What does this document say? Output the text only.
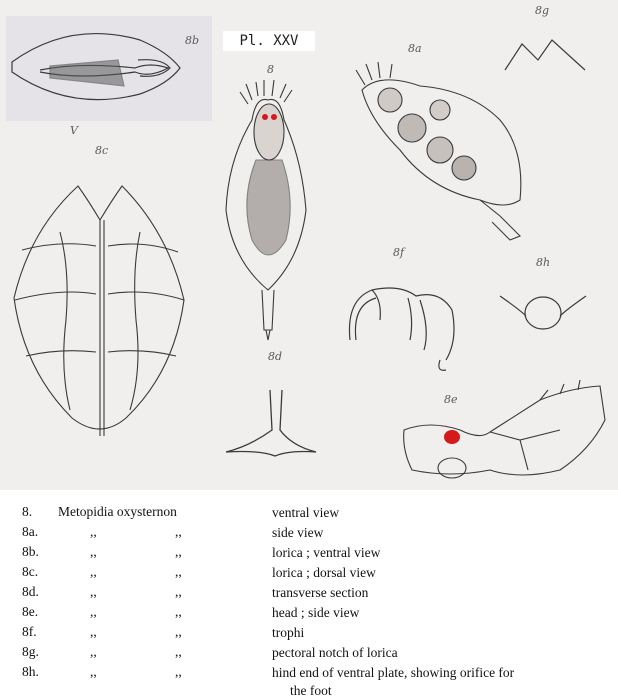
8b	Pl. XXV
8
8a
8g
V
8c
8f
8h
8d
8e
8.	Metopidia oxysternon	ventral view
8a.	,,	,,	side view
8b.	,,	,,	lorica ; ventral view
8c.	,,	,,	lorica ; dorsal view
8d.	,,	,,	transverse section
8e.	,,	,,	head ; side view
8f.	,,	,,	trophi
8g.	,,	,,	pectoral notch of lorica
8h.	,,	,,	hind end of ventral plate, showing orifice for
the foot
